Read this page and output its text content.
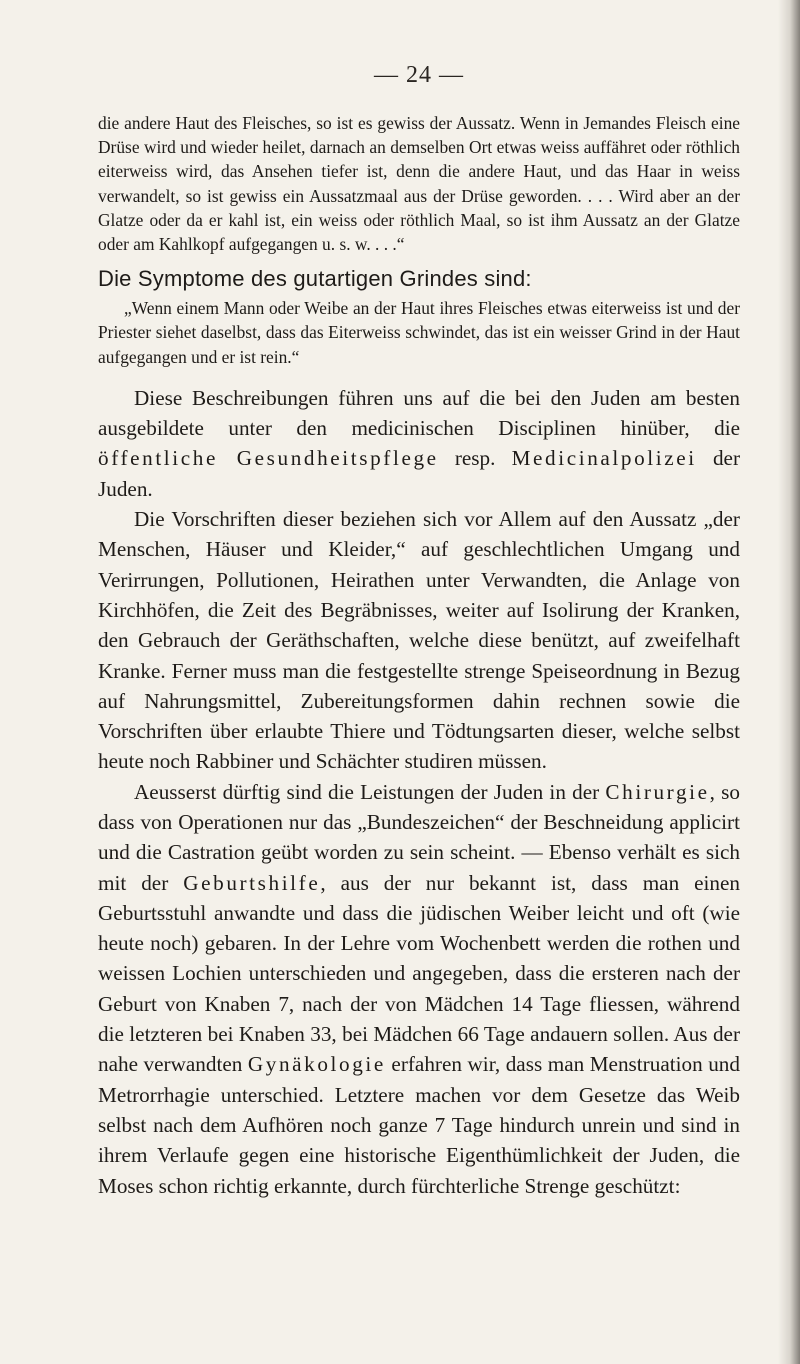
— 24 —

die andere Haut des Fleisches, so ist es gewiss der Aussatz. Wenn in Jemandes Fleisch eine Drüse wird und wieder heilet, darnach an demselben Ort etwas weiss auffähret oder röthlich eiterweiss wird, das Ansehen tiefer ist, denn die andere Haut, und das Haar in weiss verwandelt, so ist gewiss ein Aussatzmaal aus der Drüse geworden. . . . Wird aber an der Glatze oder da er kahl ist, ein weiss oder röthlich Maal, so ist ihm Aussatz an der Glatze oder am Kahlkopf aufgegangen u. s. w. . . .“

Die Symptome des gutartigen Grindes sind:

„Wenn einem Mann oder Weibe an der Haut ihres Fleisches etwas eiterweiss ist und der Priester siehet daselbst, dass das Eiterweiss schwindet, das ist ein weisser Grind in der Haut aufgegangen und er ist rein.“

Diese Beschreibungen führen uns auf die bei den Juden am besten ausgebildete unter den medicinischen Disciplinen hinüber, die öffentliche Gesundheitspflege resp. Medicinalpolizei der Juden.

Die Vorschriften dieser beziehen sich vor Allem auf den Aussatz „der Menschen, Häuser und Kleider,“ auf geschlechtlichen Umgang und Verirrungen, Pollutionen, Heirathen unter Verwandten, die Anlage von Kirchhöfen, die Zeit des Begräbnisses, weiter auf Isolirung der Kranken, den Gebrauch der Geräthschaften, welche diese benützt, auf zweifelhaft Kranke. Ferner muss man die festgestellte strenge Speiseordnung in Bezug auf Nahrungsmittel, Zubereitungsformen dahin rechnen sowie die Vorschriften über erlaubte Thiere und Tödtungsarten dieser, welche selbst heute noch Rabbiner und Schächter studiren müssen.

Aeusserst dürftig sind die Leistungen der Juden in der Chirurgie, so dass von Operationen nur das „Bundeszeichen“ der Beschneidung applicirt und die Castration geübt worden zu sein scheint. — Ebenso verhält es sich mit der Geburtshilfe, aus der nur bekannt ist, dass man einen Geburtsstuhl anwandte und dass die jüdischen Weiber leicht und oft (wie heute noch) gebaren. In der Lehre vom Wochenbett werden die rothen und weissen Lochien unterschieden und angegeben, dass die ersteren nach der Geburt von Knaben 7, nach der von Mädchen 14 Tage fliessen, während die letzteren bei Knaben 33, bei Mädchen 66 Tage andauern sollen. Aus der nahe verwandten Gynäkologie erfahren wir, dass man Menstruation und Metrorrhagie unterschied. Letztere machen vor dem Gesetze das Weib selbst nach dem Aufhören noch ganze 7 Tage hindurch unrein und sind in ihrem Verlaufe gegen eine historische Eigenthümlichkeit der Juden, die Moses schon richtig erkannte, durch fürchterliche Strenge geschützt:
